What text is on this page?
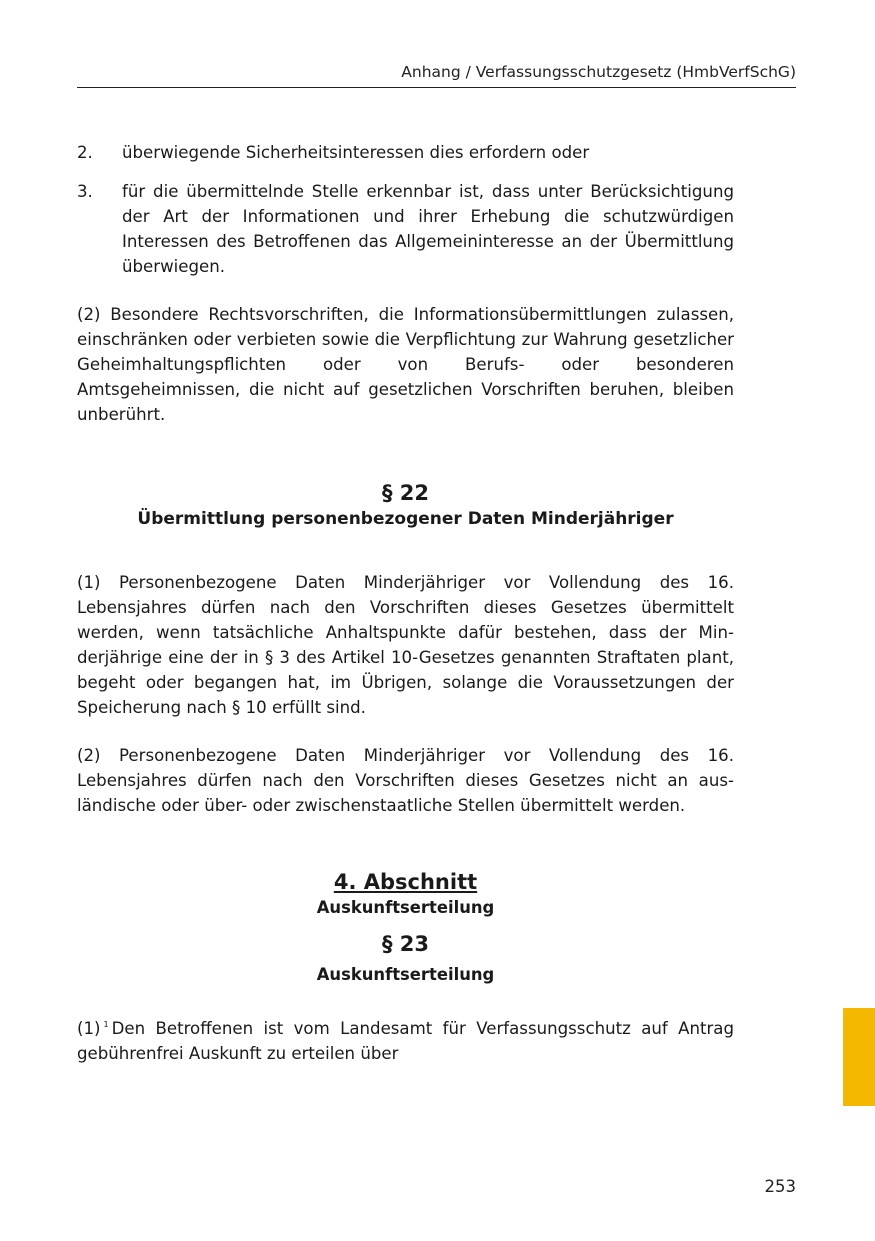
Anhang / Verfassungsschutzgesetz (HmbVerfSchG)
2.	überwiegende Sicherheitsinteressen dies erfordern oder
3.	für die übermittelnde Stelle erkennbar ist, dass unter Berücksichtigung der Art der Informationen und ihrer Erhebung die schutzwürdigen Interessen des Betroffenen das Allgemeininteresse an der Übermittlung überwiegen.

(2) Besondere Rechtsvorschriften, die Informationsübermittlungen zulassen, einschränken oder verbieten sowie die Verpflichtung zur Wahrung gesetzlicher Geheimhaltungspflichten oder von Berufs- oder besonderen Amtsgeheimnissen, die nicht auf gesetzlichen Vorschriften beruhen, bleiben unberührt.

§ 22
Übermittlung personenbezogener Daten Minderjähriger

(1) Personenbezogene Daten Minderjähriger vor Vollendung des 16. Lebensjahres dürfen nach den Vorschriften dieses Gesetzes übermittelt werden, wenn tatsächliche Anhaltspunkte dafür bestehen, dass der Minderjährige eine der in § 3 des Artikel 10-Gesetzes genannten Straftaten plant, begeht oder begangen hat, im Übrigen, solange die Voraussetzungen der Speicherung nach § 10 erfüllt sind.

(2) Personenbezogene Daten Minderjähriger vor Vollendung des 16. Lebensjahres dürfen nach den Vorschriften dieses Gesetzes nicht an ausländische oder über- oder zwischenstaatliche Stellen übermittelt werden.

4. Abschnitt
Auskunftserteilung
§ 23
Auskunftserteilung

(1) $^1$ Den Betroffenen ist vom Landesamt für Verfassungsschutz auf Antrag gebührenfrei Auskunft zu erteilen über

253
